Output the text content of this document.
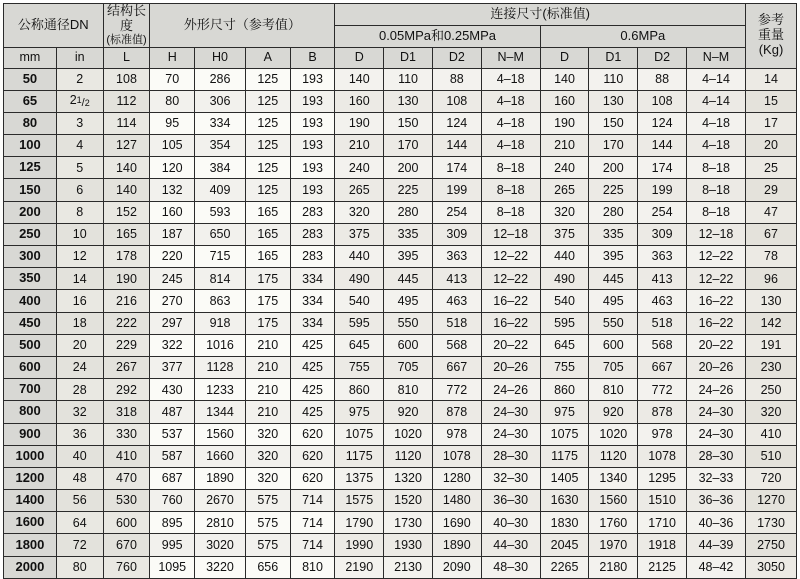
公称通径DN	
结构长度
(标准值)
	外形尺寸（参考值）	连接尺寸(标准值)	参考
重量
(Kg)

							0.05MPa和0.25MPa				0.6MPa				
mm	in	L	H	H0	A	B	D	D1	D2	N–M	D	D1	D2	N–M	
50	2	108	70	286	125	193	140	110	88	4–18	140	110	88	4–14	14
65	$2^1/2$	112	80	306	125	193	160	130	108	4–18	160	130	108	4–14	15
80	3	114	95	334	125	193	190	150	124	4–18	190	150	124	4–18	17
100	4	127	105	354	125	193	210	170	144	4–18	210	170	144	4–18	20
125	5	140	120	384	125	193	240	200	174	8–18	240	200	174	8–18	25
150	6	140	132	409	125	193	265	225	199	8–18	265	225	199	8–18	29
200	8	152	160	593	165	283	320	280	254	8–18	320	280	254	8–18	47
250	10	165	187	650	165	283	375	335	309	12–18	375	335	309	12–18	67
300	12	178	220	715	165	283	440	395	363	12–22	440	395	363	12–22	78
350	14	190	245	814	175	334	490	445	413	12–22	490	445	413	12–22	96
400	16	216	270	863	175	334	540	495	463	16–22	540	495	463	16–22	130
450	18	222	297	918	175	334	595	550	518	16–22	595	550	518	16–22	142
500	20	229	322	1016	210	425	645	600	568	20–22	645	600	568	20–22	191
600	24	267	377	1128	210	425	755	705	667	20–26	755	705	667	20–26	230
700	28	292	430	1233	210	425	860	810	772	24–26	860	810	772	24–26	250
800	32	318	487	1344	210	425	975	920	878	24–30	975	920	878	24–30	320
900	36	330	537	1560	320	620	1075	1020	978	24–30	1075	1020	978	24–30	410
1000	40	410	587	1660	320	620	1175	1120	1078	28–30	1175	1120	1078	28–30	510
1200	48	470	687	1890	320	620	1375	1320	1280	32–30	1405	1340	1295	32–33	720
1400	56	530	760	2670	575	714	1575	1520	1480	36–30	1630	1560	1510	36–36	1270
1600	64	600	895	2810	575	714	1790	1730	1690	40–30	1830	1760	1710	40–36	1730
1800	72	670	995	3020	575	714	1990	1930	1890	44–30	2045	1970	1918	44–39	2750
2000	80	760	1095	3220	656	810	2190	2130	2090	48–30	2265	2180	2125	48–42	3050
